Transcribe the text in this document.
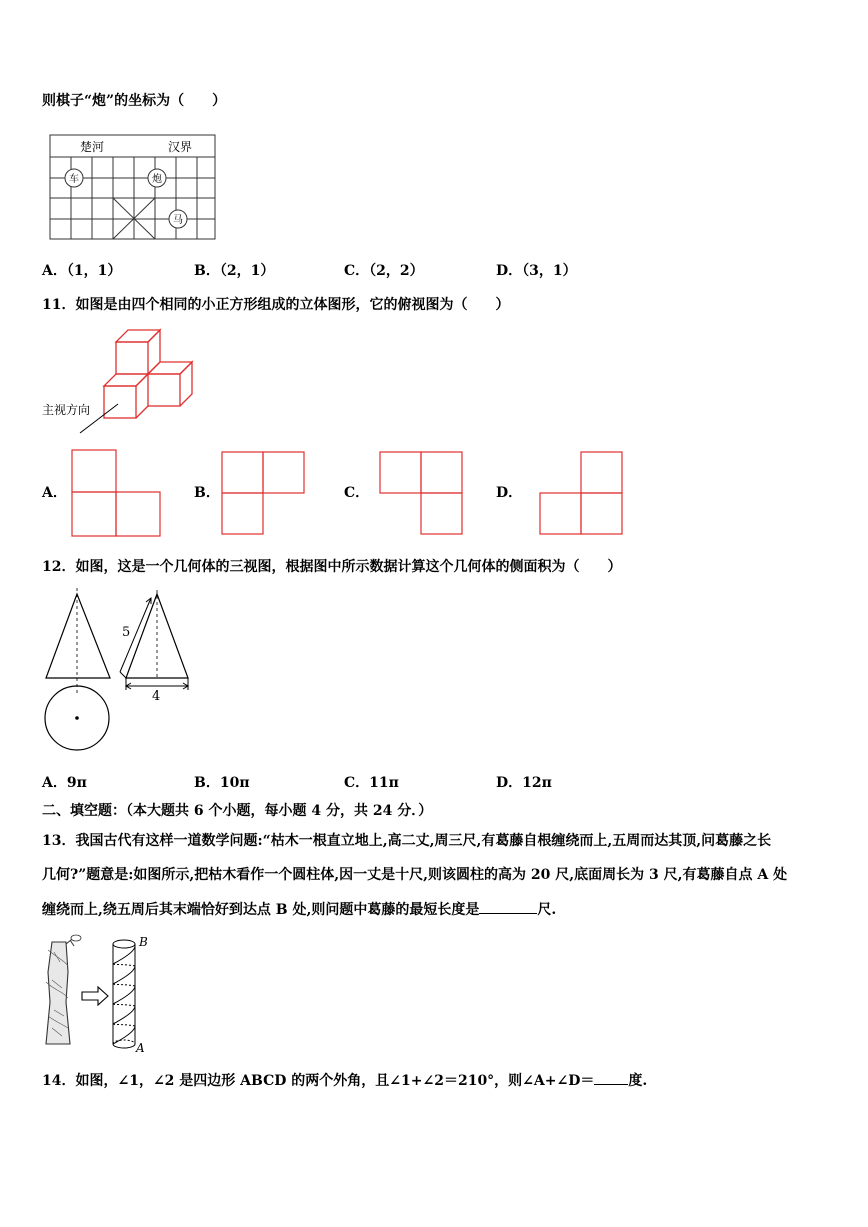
则棋子“炮”的坐标为（　　）
楚河	汉界
车	炮
马
A．（1，1）	B．（2，1）	C．（2，2）	D．（3，1）
11．如图是由四个相同的小正方形组成的立体图形，它的俯视图为（　　）
主视方向
A．	B．	C．	D．
12．如图，这是一个几何体的三视图，根据图中所示数据计算这个几何体的侧面积为（　　）
5
4
A．9π	B．10π	C．11π	D．12π
二、填空题：（本大题共 6 个小题，每小题 4 分，共 24 分．）
13．我国古代有这样一道数学问题:“枯木一根直立地上,高二丈,周三尺,有葛藤自根缠绕而上,五周而达其顶,问葛藤之长
几何?”题意是:如图所示,把枯木看作一个圆柱体,因一丈是十尺,则该圆柱的高为 20 尺,底面周长为 3 尺,有葛藤自点 A 处
缠绕而上,绕五周后其末端恰好到达点 B 处,则问题中葛藤的最短长度是	尺.
B
A
14．如图，∠1，∠2 是四边形 ABCD 的两个外角，且∠1+∠2＝210°，则∠A+∠D＝ 度.
